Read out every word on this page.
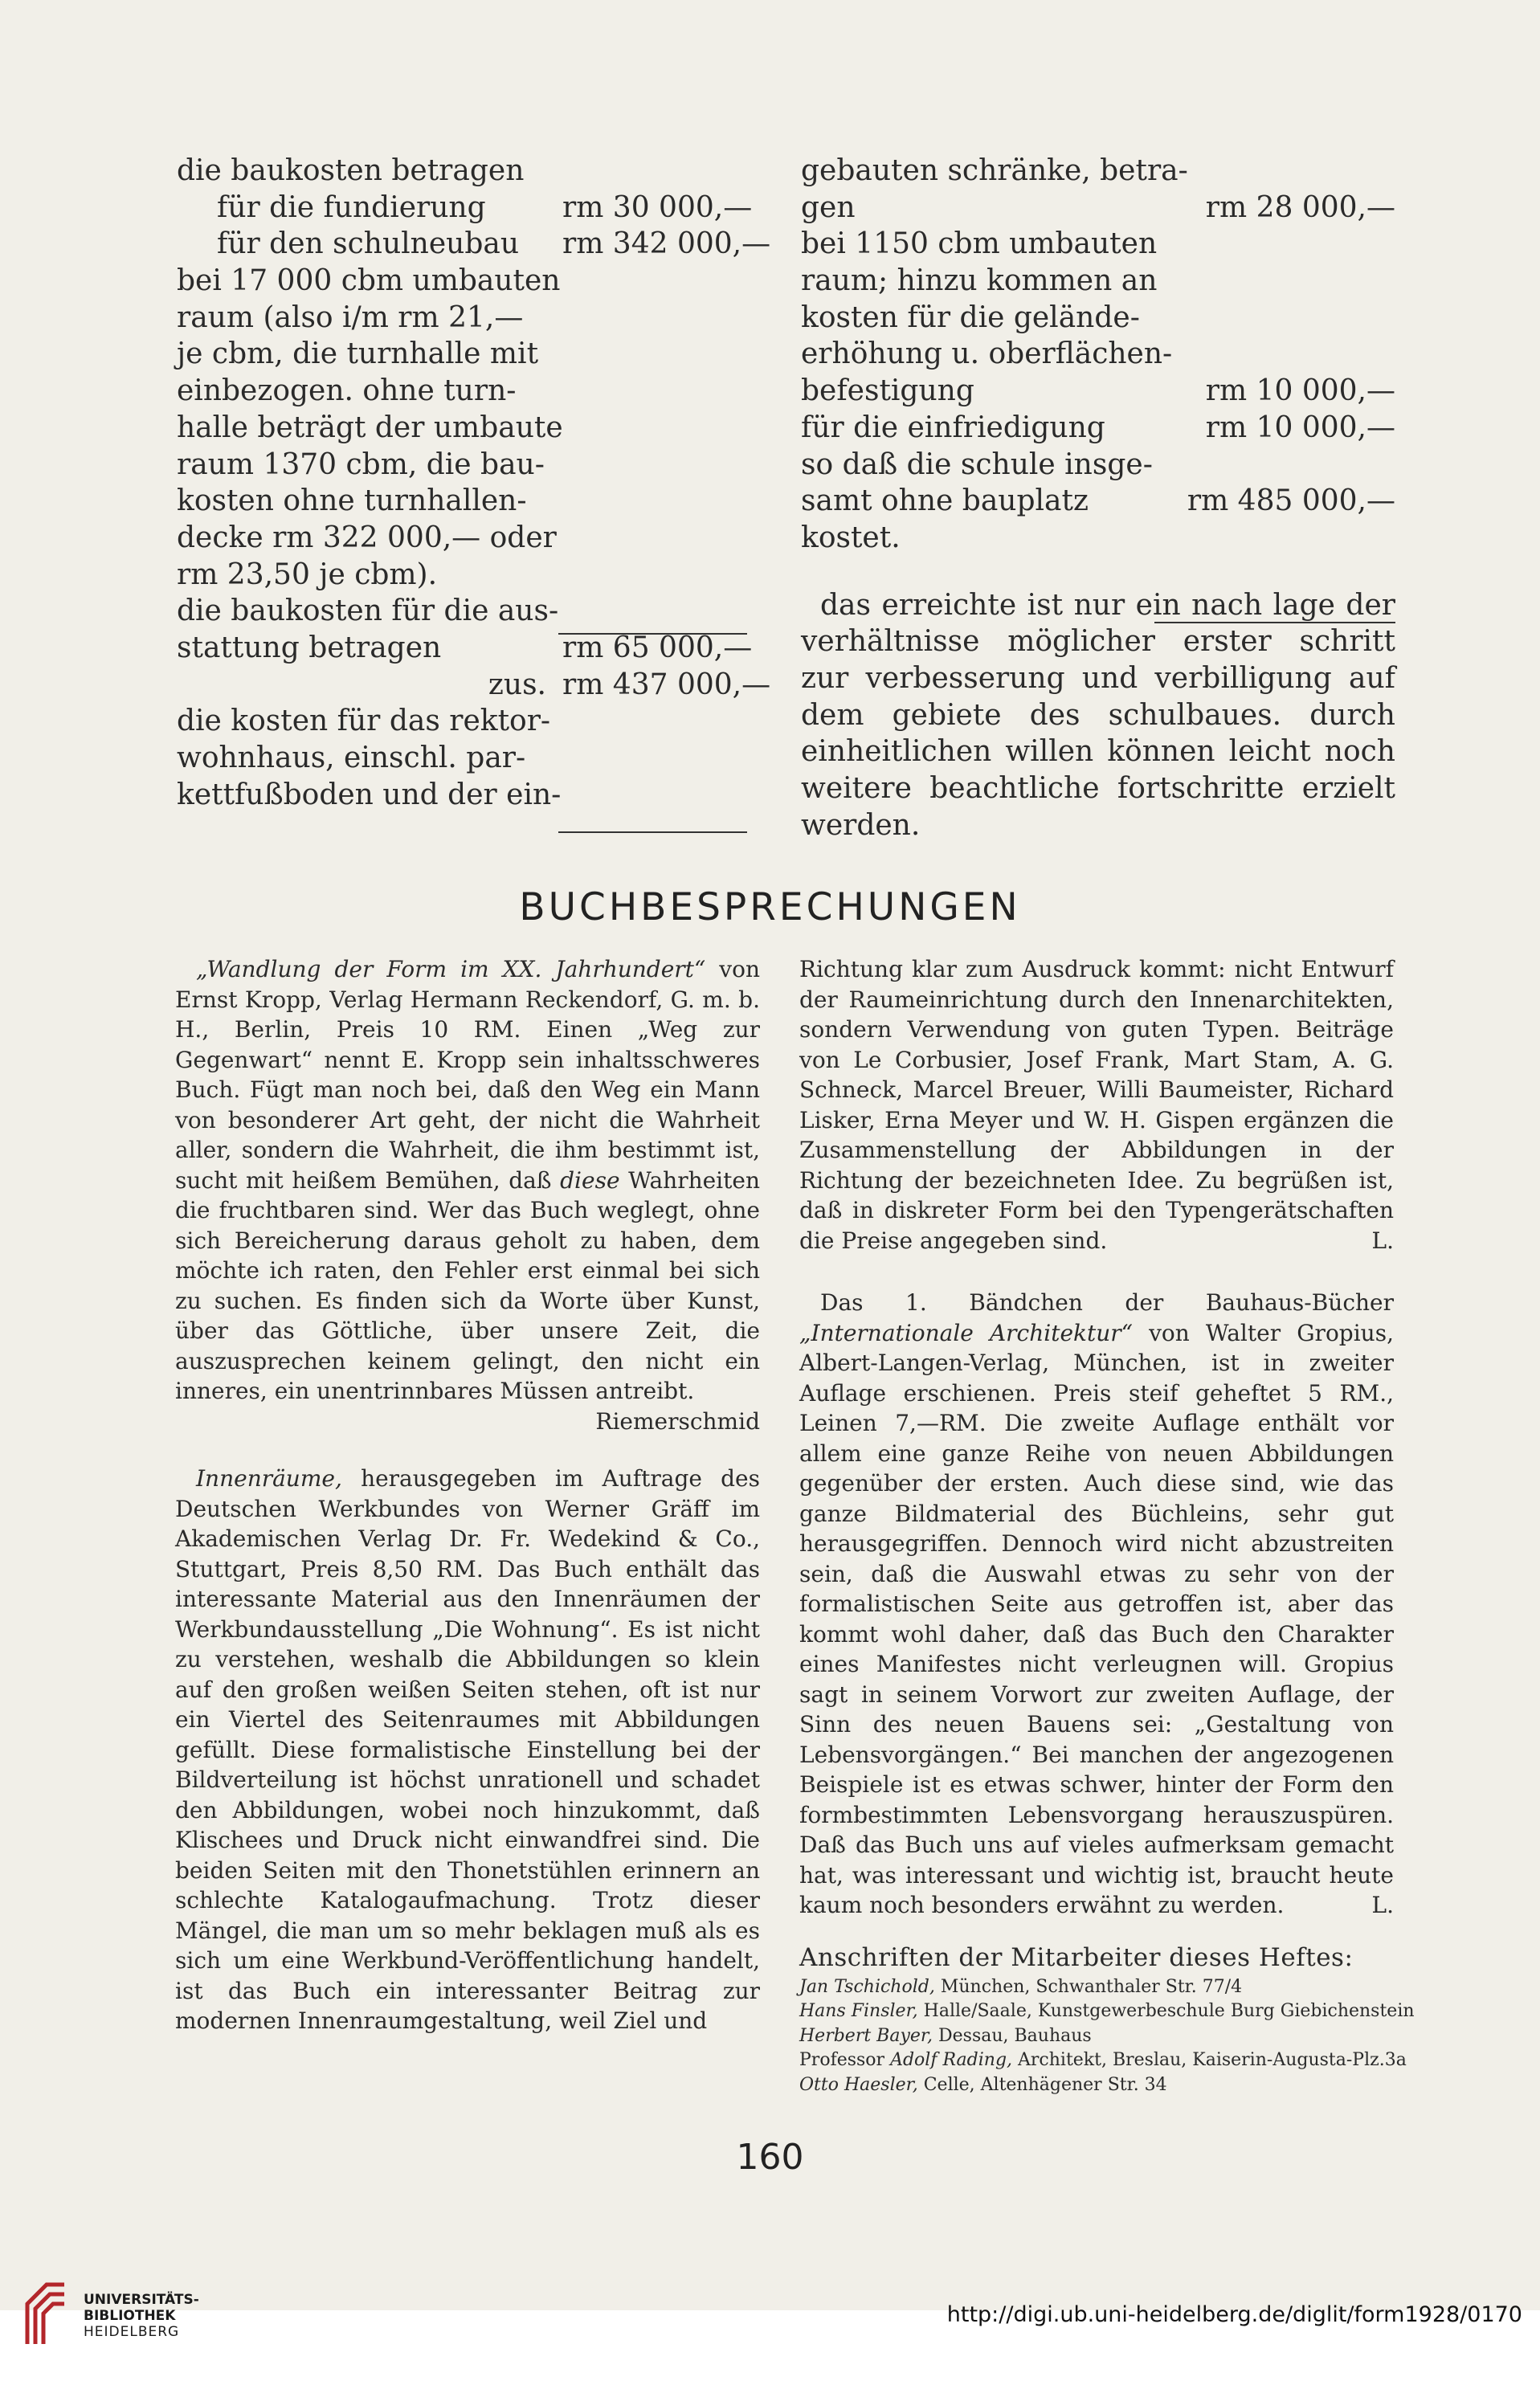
die baukosten betragen
für die fundierung	rm 30 000,—
für den schulneubau rm 342 000,—
bei 17 000 cbm umbauten
raum (also i/m rm 21,—
je cbm, die turnhalle mit
einbezogen. ohne turn-
halle beträgt der umbaute
raum 1370 cbm, die bau-
kosten ohne turnhallen-
decke rm 322 000,— oder
rm 23,50 je cbm).
die baukosten für die aus-
stattung betragen	rm 65 000,—
zus. rm 437 000,—
die kosten für das rektor-
wohnhaus, einschl. par-
kettfußboden und der ein-
gebauten schränke, betra-
gen	rm 28 000,—
bei 1150 cbm umbauten
raum; hinzu kommen an
kosten für die gelände-
erhöhung u. oberflächen-
befestigung	rm 10 000,—
für die einfriedigung	rm 10 000,—
so daß die schule insge-
samt ohne bauplatz	rm 485 000,—
kostet.

das erreichte ist nur ein nach lage der verhältnisse möglicher erster schritt zur verbesserung und verbilligung auf dem gebiete des schulbaues. durch einheitlichen willen können leicht noch weitere beachtliche fortschritte erzielt werden.

BUCHBESPRECHUNGEN

„Wandlung der Form im XX. Jahrhundert“ von Ernst Kropp, Verlag Hermann Reckendorf, G. m. b. H., Berlin, Preis 10 RM. Einen „Weg zur Gegenwart“ nennt E. Kropp sein inhaltsschweres Buch. Fügt man noch bei, daß den Weg ein Mann von besonderer Art geht, der nicht die Wahrheit aller, sondern die Wahrheit, die ihm bestimmt ist, sucht mit heißem Bemühen, daß diese Wahrheiten die fruchtbaren sind. Wer das Buch weglegt, ohne sich Bereicherung daraus geholt zu haben, dem möchte ich raten, den Fehler erst einmal bei sich zu suchen. Es finden sich da Worte über Kunst, über das Göttliche, über unsere Zeit, die auszusprechen keinem gelingt, den nicht ein inneres, ein unentrinnbares Müssen antreibt.

Riemerschmid

Innenräume, herausgegeben im Auftrage des Deutschen Werkbundes von Werner Gräff im Akademischen Verlag Dr. Fr. Wedekind & Co., Stuttgart, Preis 8,50 RM. Das Buch enthält das interessante Material aus den Innenräumen der Werkbundausstellung „Die Wohnung“. Es ist nicht zu verstehen, weshalb die Abbildungen so klein auf den großen weißen Seiten stehen, oft ist nur ein Viertel des Seitenraumes mit Abbildungen gefüllt. Diese formalistische Einstellung bei der Bildverteilung ist höchst unrationell und schadet den Abbildungen, wobei noch hinzukommt, daß Klischees und Druck nicht einwandfrei sind. Die beiden Seiten mit den Thonetstühlen erinnern an schlechte Katalogaufmachung. Trotz dieser Mängel, die man um so mehr beklagen muß als es sich um eine Werkbund-Veröffentlichung handelt, ist das Buch ein interessanter Beitrag zur modernen Innenraumgestaltung, weil Ziel und

Richtung klar zum Ausdruck kommt: nicht Entwurf der Raumeinrichtung durch den Innenarchitekten, sondern Verwendung von guten Typen. Beiträge von Le Corbusier, Josef Frank, Mart Stam, A. G. Schneck, Marcel Breuer, Willi Baumeister, Richard Lisker, Erna Meyer und W. H. Gispen ergänzen die Zusammenstellung der Abbildungen in der Richtung der bezeichneten Idee. Zu begrüßen ist, daß in diskreter Form bei den Typengerätschaften die Preise angegeben sind.	L.

Das 1. Bändchen der Bauhaus-Bücher „Internationale Architektur“ von Walter Gropius, Albert-Langen-Verlag, München, ist in zweiter Auflage erschienen. Preis steif geheftet 5 RM., Leinen 7,—RM. Die zweite Auflage enthält vor allem eine ganze Reihe von neuen Abbildungen gegenüber der ersten. Auch diese sind, wie das ganze Bildmaterial des Büchleins, sehr gut herausgegriffen. Dennoch wird nicht abzustreiten sein, daß die Auswahl etwas zu sehr von der formalistischen Seite aus getroffen ist, aber das kommt wohl daher, daß das Buch den Charakter eines Manifestes nicht verleugnen will. Gropius sagt in seinem Vorwort zur zweiten Auflage, der Sinn des neuen Bauens sei: „Gestaltung von Lebensvorgängen.“ Bei manchen der angezogenen Beispiele ist es etwas schwer, hinter der Form den formbestimmten Lebensvorgang herauszuspüren. Daß das Buch uns auf vieles aufmerksam gemacht hat, was interessant und wichtig ist, braucht heute kaum noch besonders erwähnt zu werden.	L.

Anschriften der Mitarbeiter dieses Heftes:
Jan Tschichold, München, Schwanthaler Str. 77/4
Hans Finsler, Halle/Saale, Kunstgewerbeschule Burg Giebichenstein
Herbert Bayer, Dessau, Bauhaus
Professor Adolf Rading, Architekt, Breslau, Kaiserin-Augusta-Plz.3a
Otto Haesler, Celle, Altenhägener Str. 34
160
UNIVERSITÄTS-
BIBLIOTHEK
HEIDELBERG
http://digi.ub.uni-heidelberg.de/diglit/form1928/0170
